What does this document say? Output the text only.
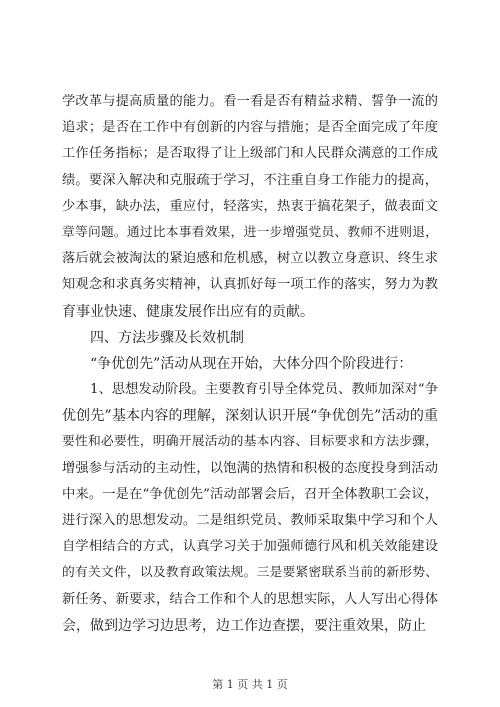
学改革与提高质量的能力。看一看是否有精益求精、誓争一流的
追求；是否在工作中有创新的内容与措施；是否全面完成了年度
工作任务指标；是否取得了让上级部门和人民群众满意的工作成
绩。要深入解决和克服疏于学习，不注重自身工作能力的提高，
少本事，缺办法，重应付，轻落实，热衷于搞花架子，做表面文
章等问题。通过比本事看效果，进一步增强党员、教师不进则退，
落后就会被淘汰的紧迫感和危机感，树立以教立身意识、终生求
知观念和求真务实精神，认真抓好每一项工作的落实，努力为教
育事业快速、健康发展作出应有的贡献。
四、方法步骤及长效机制
“争优创先”活动从现在开始，大体分四个阶段进行：
1、思想发动阶段。主要教育引导全体党员、教师加深对“争
优创先”基本内容的理解，深刻认识开展“争优创先”活动的重
要性和必要性，明确开展活动的基本内容、目标要求和方法步骤，
增强参与活动的主动性，以饱满的热情和积极的态度投身到活动
中来。一是在“争优创先”活动部署会后，召开全体教职工会议，
进行深入的思想发动。二是组织党员、教师采取集中学习和个人
自学相结合的方式，认真学习关于加强师德行风和机关效能建设
的有关文件，以及教育政策法规。三是要紧密联系当前的新形势、
新任务、新要求，结合工作和个人的思想实际，人人写出心得体
会，做到边学习边思考，边工作边查摆，要注重效果，防止
第 1 页 共 1 页
